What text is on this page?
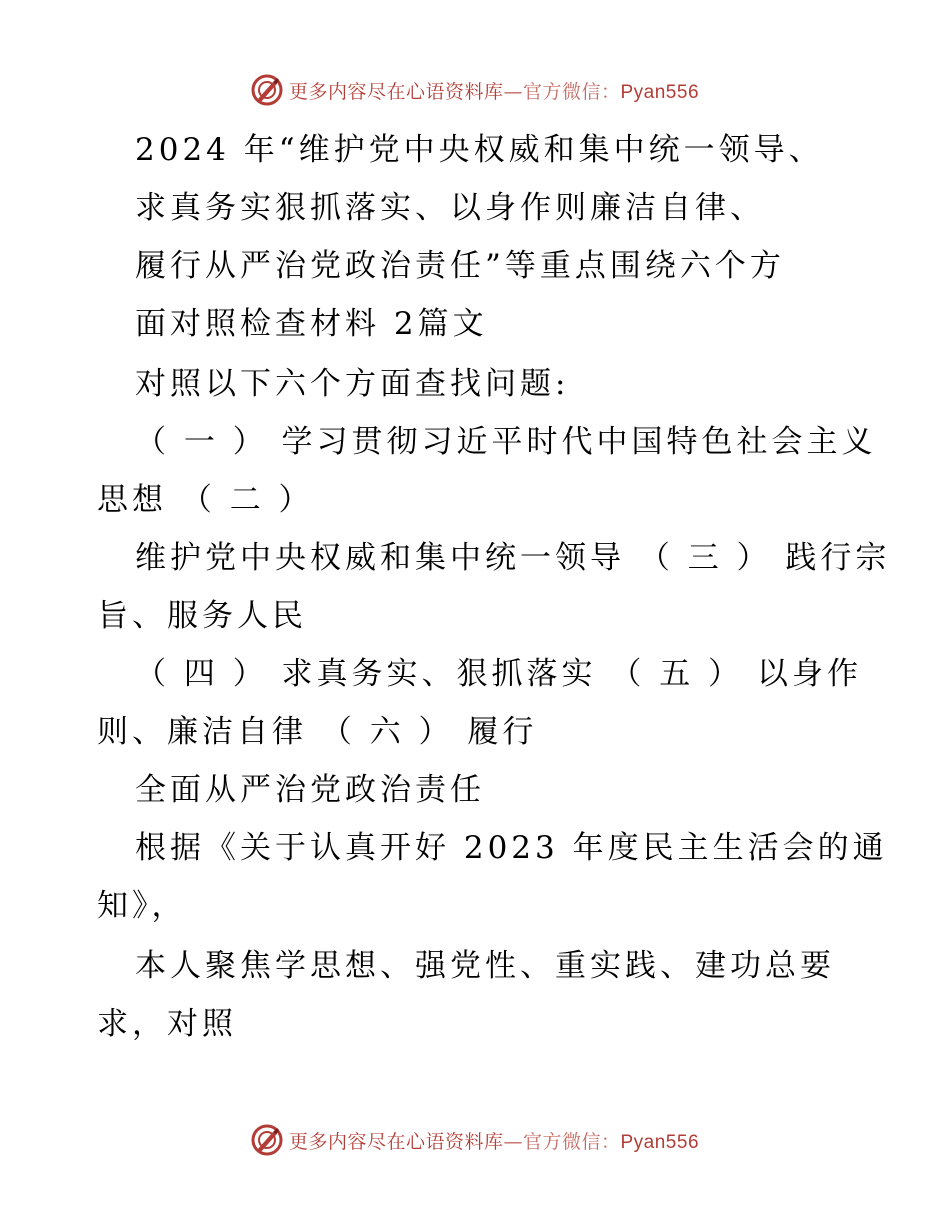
更多内容尽在心语资料库—官方微信：Pyan556
2024 年“维护党中央权威和集中统一领导、
求真务实狠抓落实、以身作则廉洁自律、
履行从严治党政治责任”等重点围绕六个方
面对照检查材料 2篇文
对照以下六个方面查找问题:
（ 一 ） 学习贯彻习近平时代中国特色社会主义
思想 （ 二 ）
维护党中央权威和集中统一领导 （ 三 ） 践行宗
旨、服务人民
（ 四 ） 求真务实、狠抓落实 （ 五 ） 以身作
则、廉洁自律 （ 六 ） 履行
全面从严治党政治责任
根据《关于认真开好 2023 年度民主生活会的通
知》，
本人聚焦学思想、强党性、重实践、建功总要
求，对照
更多内容尽在心语资料库—官方微信：Pyan556
